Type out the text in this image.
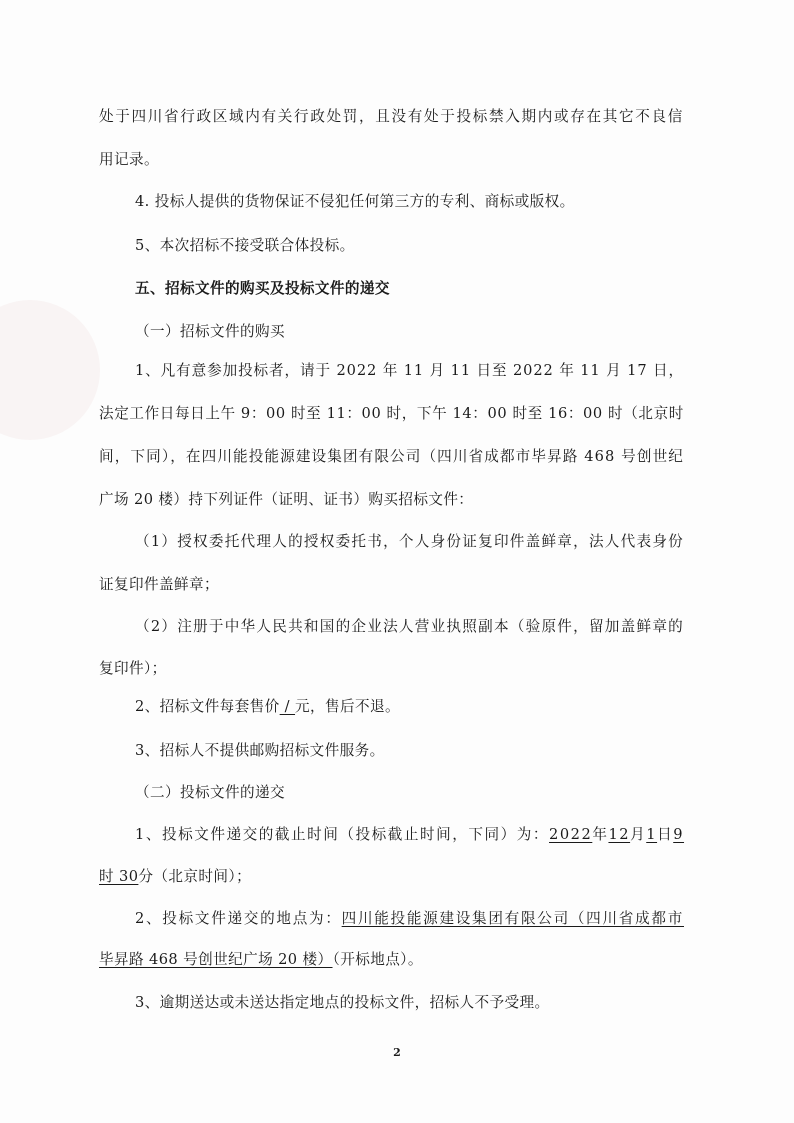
处于四川省行政区域内有关行政处罚，且没有处于投标禁入期内或存在其它不良信
用记录。
4. 投标人提供的货物保证不侵犯任何第三方的专利、商标或版权。
5、本次招标不接受联合体投标。
五、招标文件的购买及投标文件的递交
（一）招标文件的购买
1、凡有意参加投标者，请于 2022 年 11 月 11 日至 2022 年 11 月 17 日，
法定工作日每日上午 9：00 时至 11：00 时，下午 14：00 时至 16：00 时（北京时
间，下同），在四川能投能源建设集团有限公司（四川省成都市毕昇路 468 号创世纪
广场 20 楼）持下列证件（证明、证书）购买招标文件：
（1）授权委托代理人的授权委托书，个人身份证复印件盖鲜章，法人代表身份
证复印件盖鲜章；
（2）注册于中华人民共和国的企业法人营业执照副本（验原件，留加盖鲜章的
复印件）；
2、招标文件每套售价 / 元，售后不退。
3、招标人不提供邮购招标文件服务。
（二）投标文件的递交
1、投标文件递交的截止时间（投标截止时间，下同）为：2022年12月1日9
时 30分（北京时间）；
2、投标文件递交的地点为：四川能投能源建设集团有限公司（四川省成都市
毕昇路 468 号创世纪广场 20 楼）（开标地点）。
3、逾期送达或未送达指定地点的投标文件，招标人不予受理。
2
